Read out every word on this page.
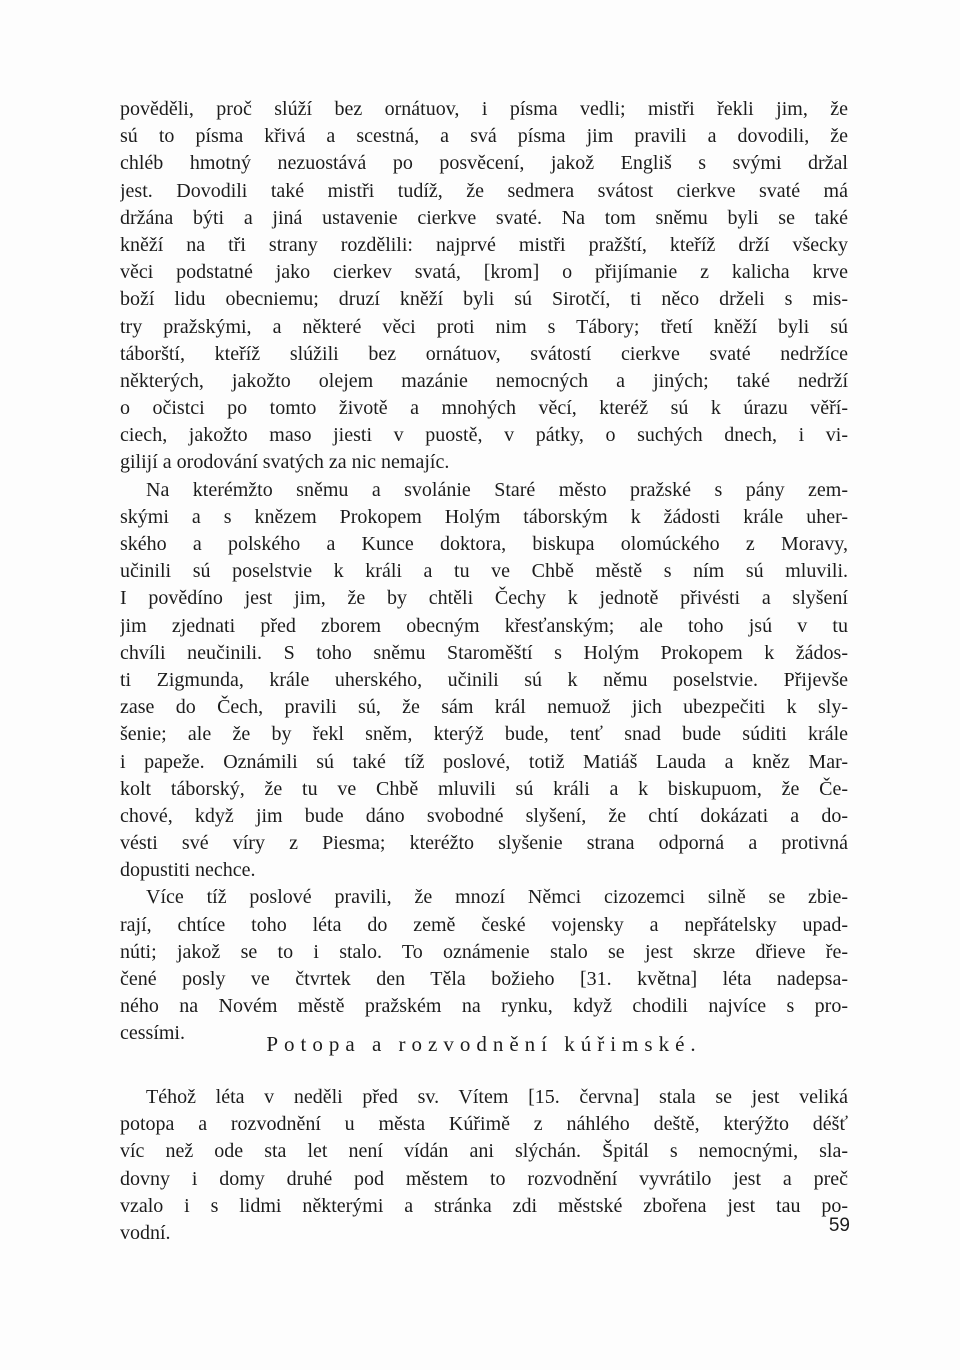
pověděli, proč slúží bez ornátuov, i písma vedli; mistři řekli jim, že
sú to písma křivá a scestná, a svá písma jim pravili a dovodili, že
chléb hmotný nezuostává po posvěcení, jakož Engliš s svými držal
jest. Dovodili také mistři tudíž, že sedmera svátost cierkve svaté má
držána býti a jiná ustavenie cierkve svaté. Na tom sněmu byli se také
kněží na tři strany rozdělili: najprvé mistři pražští, kteříž drží všecky
věci podstatné jako cierkev svatá, [krom] o přijímanie z kalicha krve
boží lidu obecniemu; druzí kněží byli sú Sirotčí, ti něco drželi s mis-
try pražskými, a některé věci proti nim s Tábory; třetí kněží byli sú
táborští, kteříž slúžili bez ornátuov, svátostí cierkve svaté nedržíce
některých, jakožto olejem mazánie nemocných a jiných; také nedrží
o očistci po tomto životě a mnohých věcí, kteréž sú k úrazu věří-
ciech, jakožto maso jiesti v puostě, v pátky, o suchých dnech, i vi-
gilijí a orodování svatých za nic nemajíc.

Na kterémžto sněmu a svolánie Staré město pražské s pány zem-
skými a s knězem Prokopem Holým táborským k žádosti krále uher-
ského a polského a Kunce doktora, biskupa olomúckého z Moravy,
učinili sú poselstvie k králi a tu ve Chbě městě s ním sú mluvili.
I povědíno jest jim, že by chtěli Čechy k jednotě přivésti a slyšení
jim zjednati před zborem obecným křesťanským; ale toho jsú v tu
chvíli neučinili. S toho sněmu Staroměští s Holým Prokopem k žádos-
ti Zigmunda, krále uherského, učinili sú k němu poselstvie. Přijevše
zase do Čech, pravili sú, že sám král nemuož jich ubezpečiti k sly-
šenie; ale že by řekl sněm, kterýž bude, tenť snad bude súditi krále
i papeže. Oznámili sú také tíž poslové, totiž Matiáš Lauda a kněz Mar-
kolt táborský, že tu ve Chbě mluvili sú králi a k biskupuom, že Če-
chové, když jim bude dáno svobodné slyšení, že chtí dokázati a do-
vésti své víry z Piesma; kteréžto slyšenie strana odporná a protivná
dopustiti nechce.

Více tíž poslové pravili, že mnozí Němci cizozemci silně se zbie-
rají, chtíce toho léta do země české vojensky a nepřátelsky upad-
núti; jakož se to i stalo. To oznámenie stalo se jest skrze dřieve ře-
čené posly ve čtvrtek den Těla božieho [31. května] léta nadepsa-
ného na Novém městě pražském na rynku, když chodili najvíce s pro-
cessími.	Potopa a rozvodnění kúřimské.

Téhož léta v neděli před sv. Vítem [15. června] stala se jest veliká
potopa a rozvodnění u města Kúřimě z náhlého deště, kterýžto déšť
víc než ode sta let není vídán ani slýchán. Špitál s nemocnými, sla-
dovny i domy druhé pod městem to rozvodnění vyvrátilo jest a preč
vzalo i s lidmi některými a stránka zdi městské zbořena jest tau po-
vodní.	59
